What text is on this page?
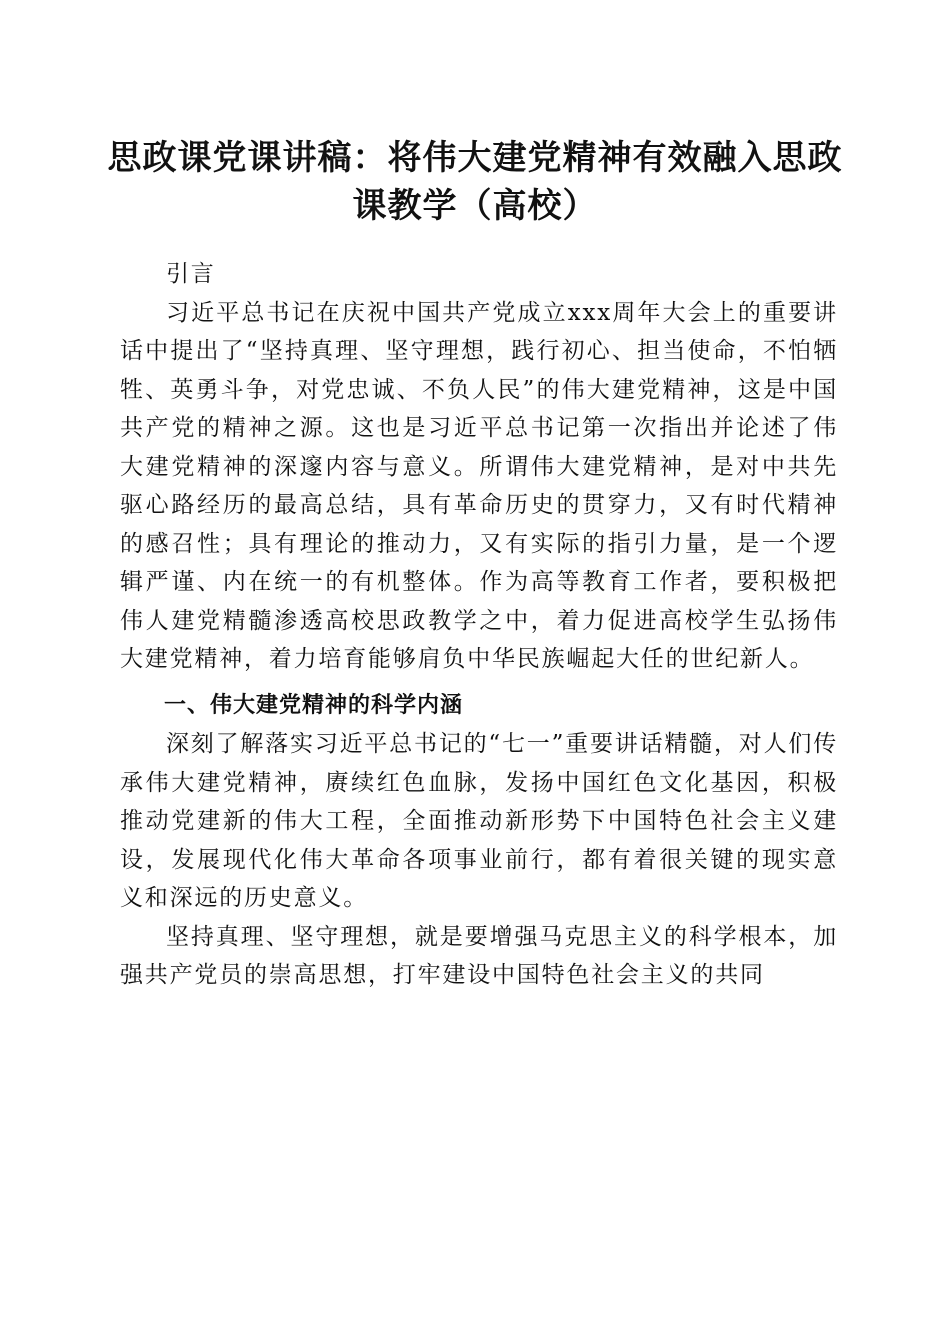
思政课党课讲稿：将伟大建党精神有效融入思政课教学（高校）

引言

习近平总书记在庆祝中国共产党成立xxx周年大会上的重要讲话中提出了“坚持真理、坚守理想，践行初心、担当使命，不怕牺牲、英勇斗争，对党忠诚、不负人民”的伟大建党精神，这是中国共产党的精神之源。这也是习近平总书记第一次指出并论述了伟大建党精神的深邃内容与意义。所谓伟大建党精神，是对中共先驱心路经历的最高总结，具有革命历史的贯穿力，又有时代精神的感召性；具有理论的推动力，又有实际的指引力量，是一个逻辑严谨、内在统一的有机整体。作为高等教育工作者，要积极把伟人建党精髓渗透高校思政教学之中，着力促进高校学生弘扬伟大建党精神，着力培育能够肩负中华民族崛起大任的世纪新人。

一、伟大建党精神的科学内涵

深刻了解落实习近平总书记的“七一”重要讲话精髓，对人们传承伟大建党精神，赓续红色血脉，发扬中国红色文化基因，积极推动党建新的伟大工程，全面推动新形势下中国特色社会主义建设，发展现代化伟大革命各项事业前行，都有着很关键的现实意义和深远的历史意义。

坚持真理、坚守理想，就是要增强马克思主义的科学根本，加强共产党员的崇高思想，打牢建设中国特色社会主义的共同
